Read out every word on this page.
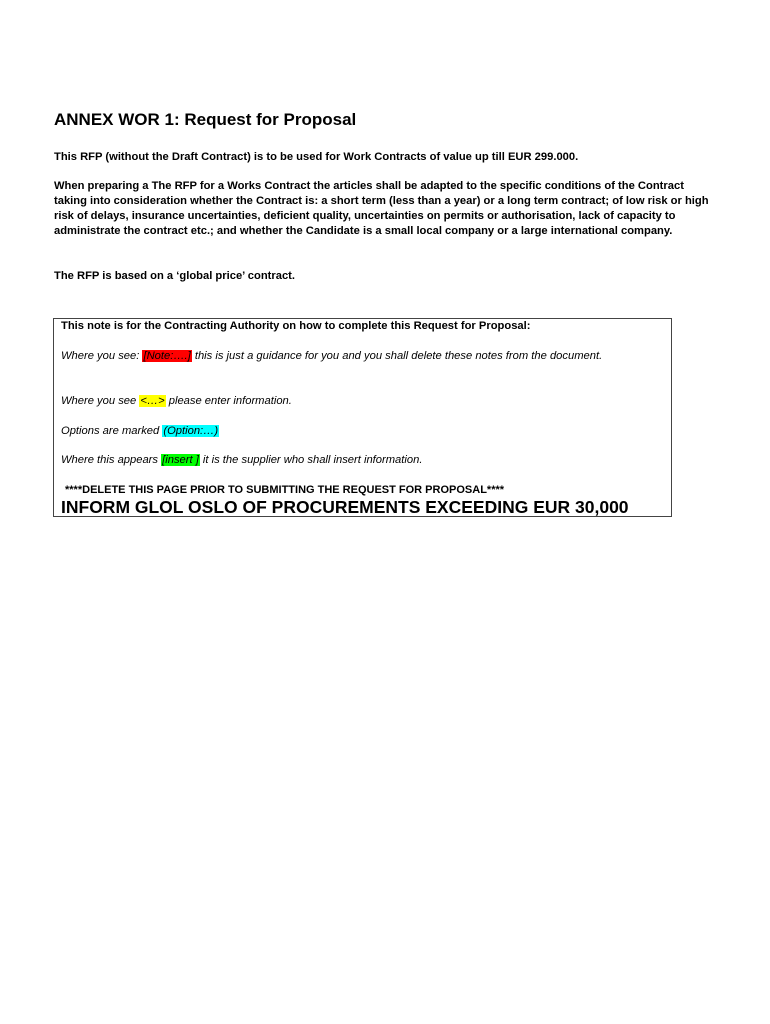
ANNEX WOR 1: Request for Proposal

This RFP (without the Draft Contract) is to be used for Work Contracts of value up till EUR 299.000.

When preparing a The RFP for a Works Contract the articles shall be adapted to the specific conditions of the Contract taking into consideration whether the Contract is: a short term (less than a year) or a long term contract; of low risk or high risk of delays, insurance uncertainties, deficient quality, uncertainties on permits or authorisation, lack of capacity to administrate the contract etc.; and whether the Candidate is a small local company or a large international company.

The RFP is based on a ‘global price’ contract.

This note is for the Contracting Authority on how to complete this Request for Proposal:

Where you see: [Note:….] this is just a guidance for you and you shall delete these notes from the document.

Where you see <…> please enter information.

Options are marked (Option:…)

Where this appears [insert ] it is the supplier who shall insert information.

****DELETE THIS PAGE PRIOR TO SUBMITTING THE REQUEST FOR PROPOSAL****

INFORM GLOL OSLO OF PROCUREMENTS EXCEEDING EUR 30,000
